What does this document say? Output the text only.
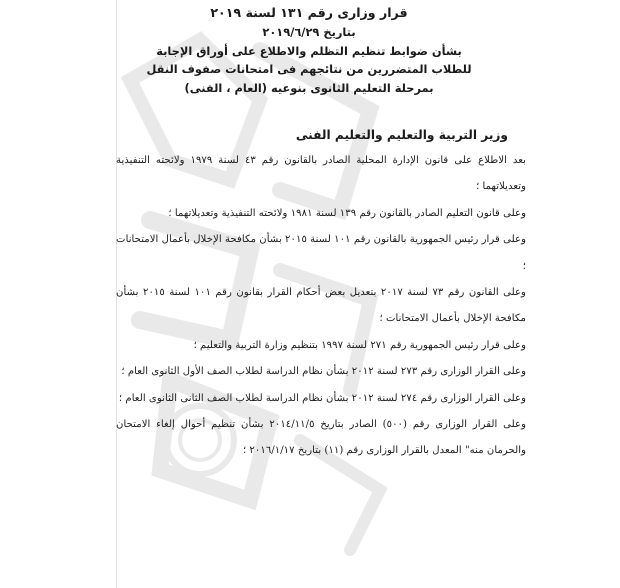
قرار وزارى رقم ١٣١ لسنة ٢٠١٩
بتاريخ ٢٠١٩/٦/٢٩
بشأن ضوابط تنظيم التظلم والاطلاع على أوراق الإجابة
للطلاب المتضررين من نتائجهم فى امتحانات صفوف النقل
بمرحلة التعليم الثانوى بنوعيه (العام ، الفنى)
وزير التربية والتعليم والتعليم الفنى

بعد الاطلاع على قانون الإدارة المحلية الصادر بالقانون رقم ٤٣ لسنة ١٩٧٩ ولائحته التنفيذية وتعديلاتهما ؛

وعلى قانون التعليم الصادر بالقانون رقم ١٣٩ لسنة ١٩٨١ ولائحته التنفيذية وتعديلاتهما ؛

وعلى قرار رئيس الجمهورية بالقانون رقم ١٠١ لسنة ٢٠١٥ بشأن مكافحة الإخلال بأعمال الامتحانات ؛

وعلى القانون رقم ٧٣ لسنة ٢٠١٧ بتعديل بعض أحكام القرار بقانون رقم ١٠١ لسنة ٢٠١٥ بشأن مكافحة الإخلال بأعمال الامتحانات ؛

وعلى قرار رئيس الجمهورية رقم ٢٧١ لسنة ١٩٩٧ بتنظيم وزارة التربية والتعليم ؛

وعلى القرار الوزارى رقم ٢٧٣ لسنة ٢٠١٢ بشأن نظام الدراسة لطلاب الصف الأول الثانوى العام ؛

وعلى القرار الوزارى رقم ٢٧٤ لسنة ٢٠١٢ بشأن نظام الدراسة لطلاب الصف الثانى الثانوى العام ؛

وعلى القرار الوزارى رقم (٥٠٠) الصادر بتاريخ ٢٠١٤/١١/٥ بشأن تنظيم أحوال إلغاء الامتحان والحرمان منه" المعدل بالقرار الوزارى رقم (١١) بتاريخ ٢٠١٦/١/١٧ ؛
